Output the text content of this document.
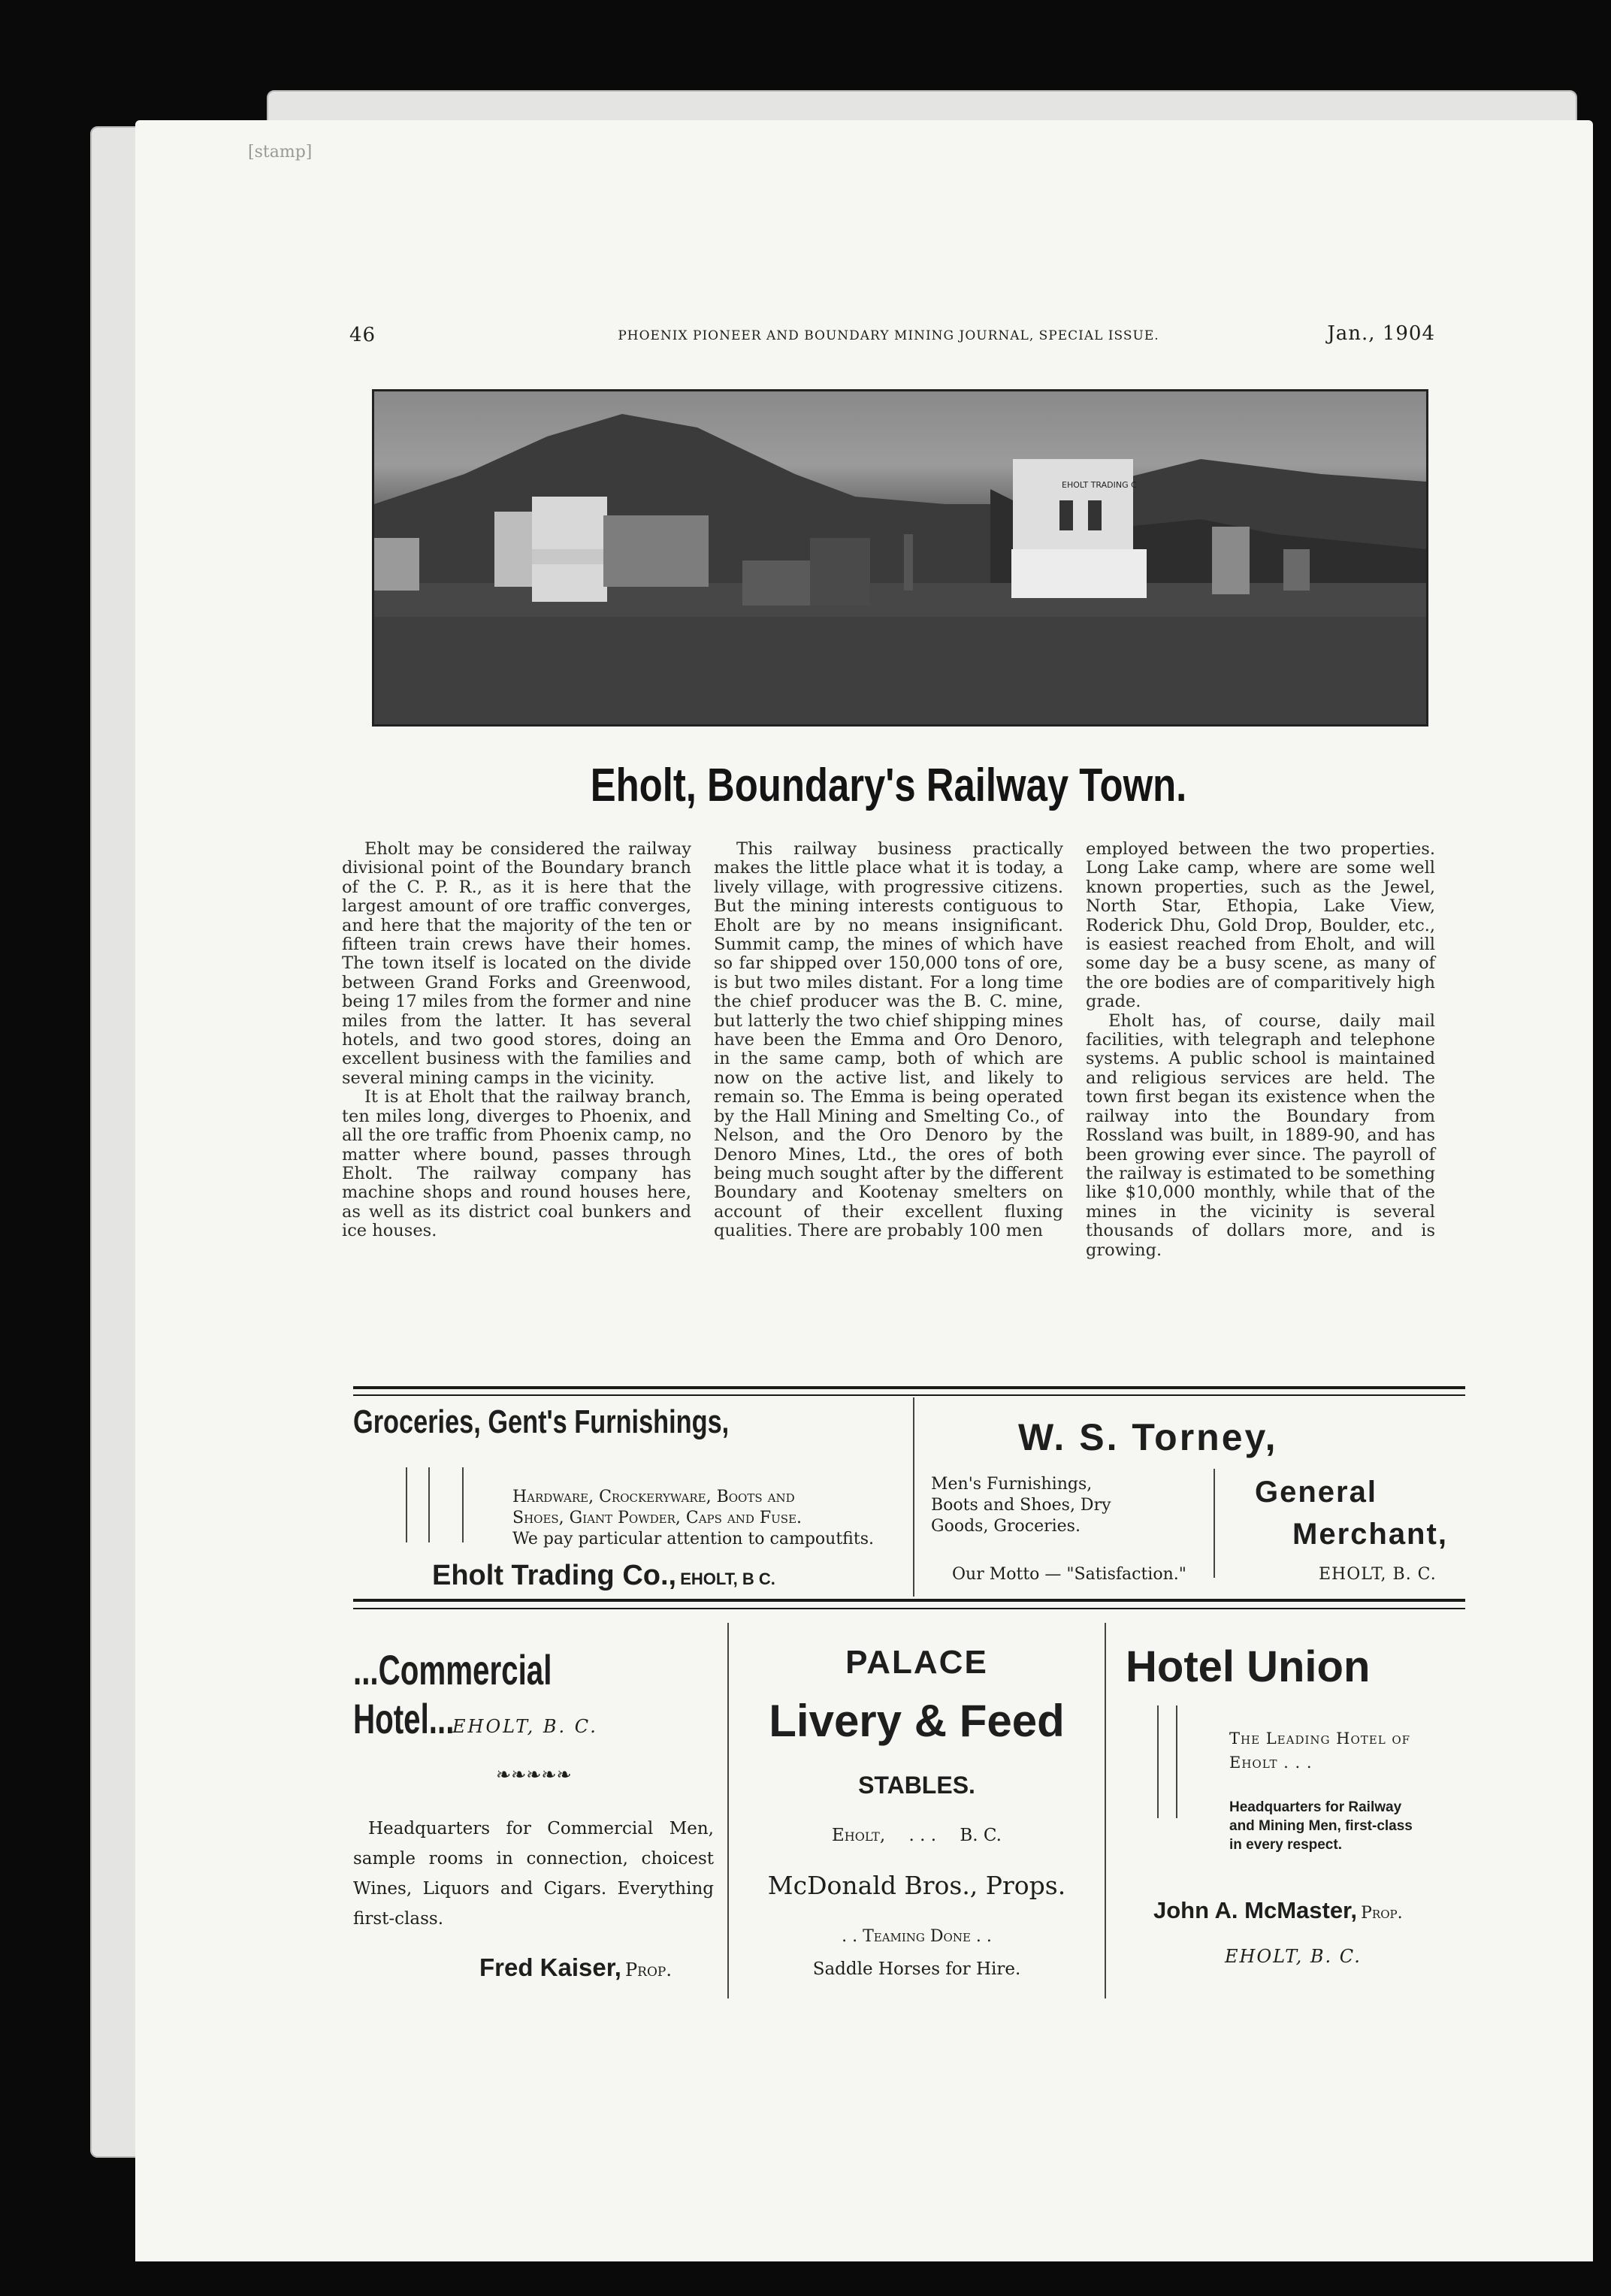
[stamp]
46	PHOENIX PIONEER AND BOUNDARY MINING JOURNAL, SPECIAL ISSUE.	Jan., 1904
EHOLT TRADING C
Eholt, Boundary's Railway Town.

Eholt may be considered the railway divisional point of the Boundary branch of the C. P. R., as it is here that the largest amount of ore traffic converges, and here that the majority of the ten or fifteen train crews have their homes. The town itself is located on the divide between Grand Forks and Greenwood, being 17 miles from the former and nine miles from the latter. It has several hotels, and two good stores, doing an excellent business with the families and several mining camps in the vicinity.

It is at Eholt that the railway branch, ten miles long, diverges to Phoenix, and all the ore traffic from Phoenix camp, no matter where bound, passes through Eholt. The railway company has machine shops and round houses here, as well as its district coal bunkers and ice houses.

This railway business practically makes the little place what it is today, a lively village, with progressive citizens. But the mining interests contiguous to Eholt are by no means insignificant. Summit camp, the mines of which have so far shipped over 150,000 tons of ore, is but two miles distant. For a long time the chief producer was the B. C. mine, but latterly the two chief shipping mines have been the Emma and Oro Denoro, in the same camp, both of which are now on the active list, and likely to remain so. The Emma is being operated by the Hall Mining and Smelting Co., of Nelson, and the Oro Denoro by the Denoro Mines, Ltd., the ores of both being much sought after by the different Boundary and Kootenay smelters on account of their excellent fluxing qualities. There are probably 100 men

employed between the two properties. Long Lake camp, where are some well known properties, such as the Jewel, North Star, Ethopia, Lake View, Roderick Dhu, Gold Drop, Boulder, etc., is easiest reached from Eholt, and will some day be a busy scene, as many of the ore bodies are of comparitively high grade.

Eholt has, of course, daily mail facilities, with telegraph and telephone systems. A public school is maintained and religious services are held. The town first began its existence when the railway into the Boundary from Rossland was built, in 1889-90, and has been growing ever since. The payroll of the railway is estimated to be something like $10,000 monthly, while that of the mines in the vicinity is several thousands of dollars more, and is growing.

Groceries, Gent's Furnishings,
Hardware, Crockeryware, Boots and
Shoes, Giant Powder, Caps and Fuse.
We pay particular attention to campoutfits.
Eholt Trading Co., EHOLT, B C.
W. S. Torney,
Men's Furnishings,
Boots and Shoes, Dry
Goods, Groceries.
General
Merchant,
Our Motto — "Satisfaction."	EHOLT, B. C.
...Commercial Hotel...
EHOLT, B. C.
❧❧❧❧❧
Headquarters for Commercial Men, sample rooms in connection, choicest Wines, Liquors and Cigars. Everything first-class.
Fred Kaiser, Prop.
PALACE
Livery & Feed
STABLES.
Eholt, . . . B. C.
McDonald Bros., Props.
. . Teaming Done . .
Saddle Horses for Hire.
Hotel Union
The Leading Hotel of
Eholt . . .
Headquarters for Railway
and Mining Men, first-class
in every respect.
John A. McMaster, Prop.
EHOLT, B. C.
